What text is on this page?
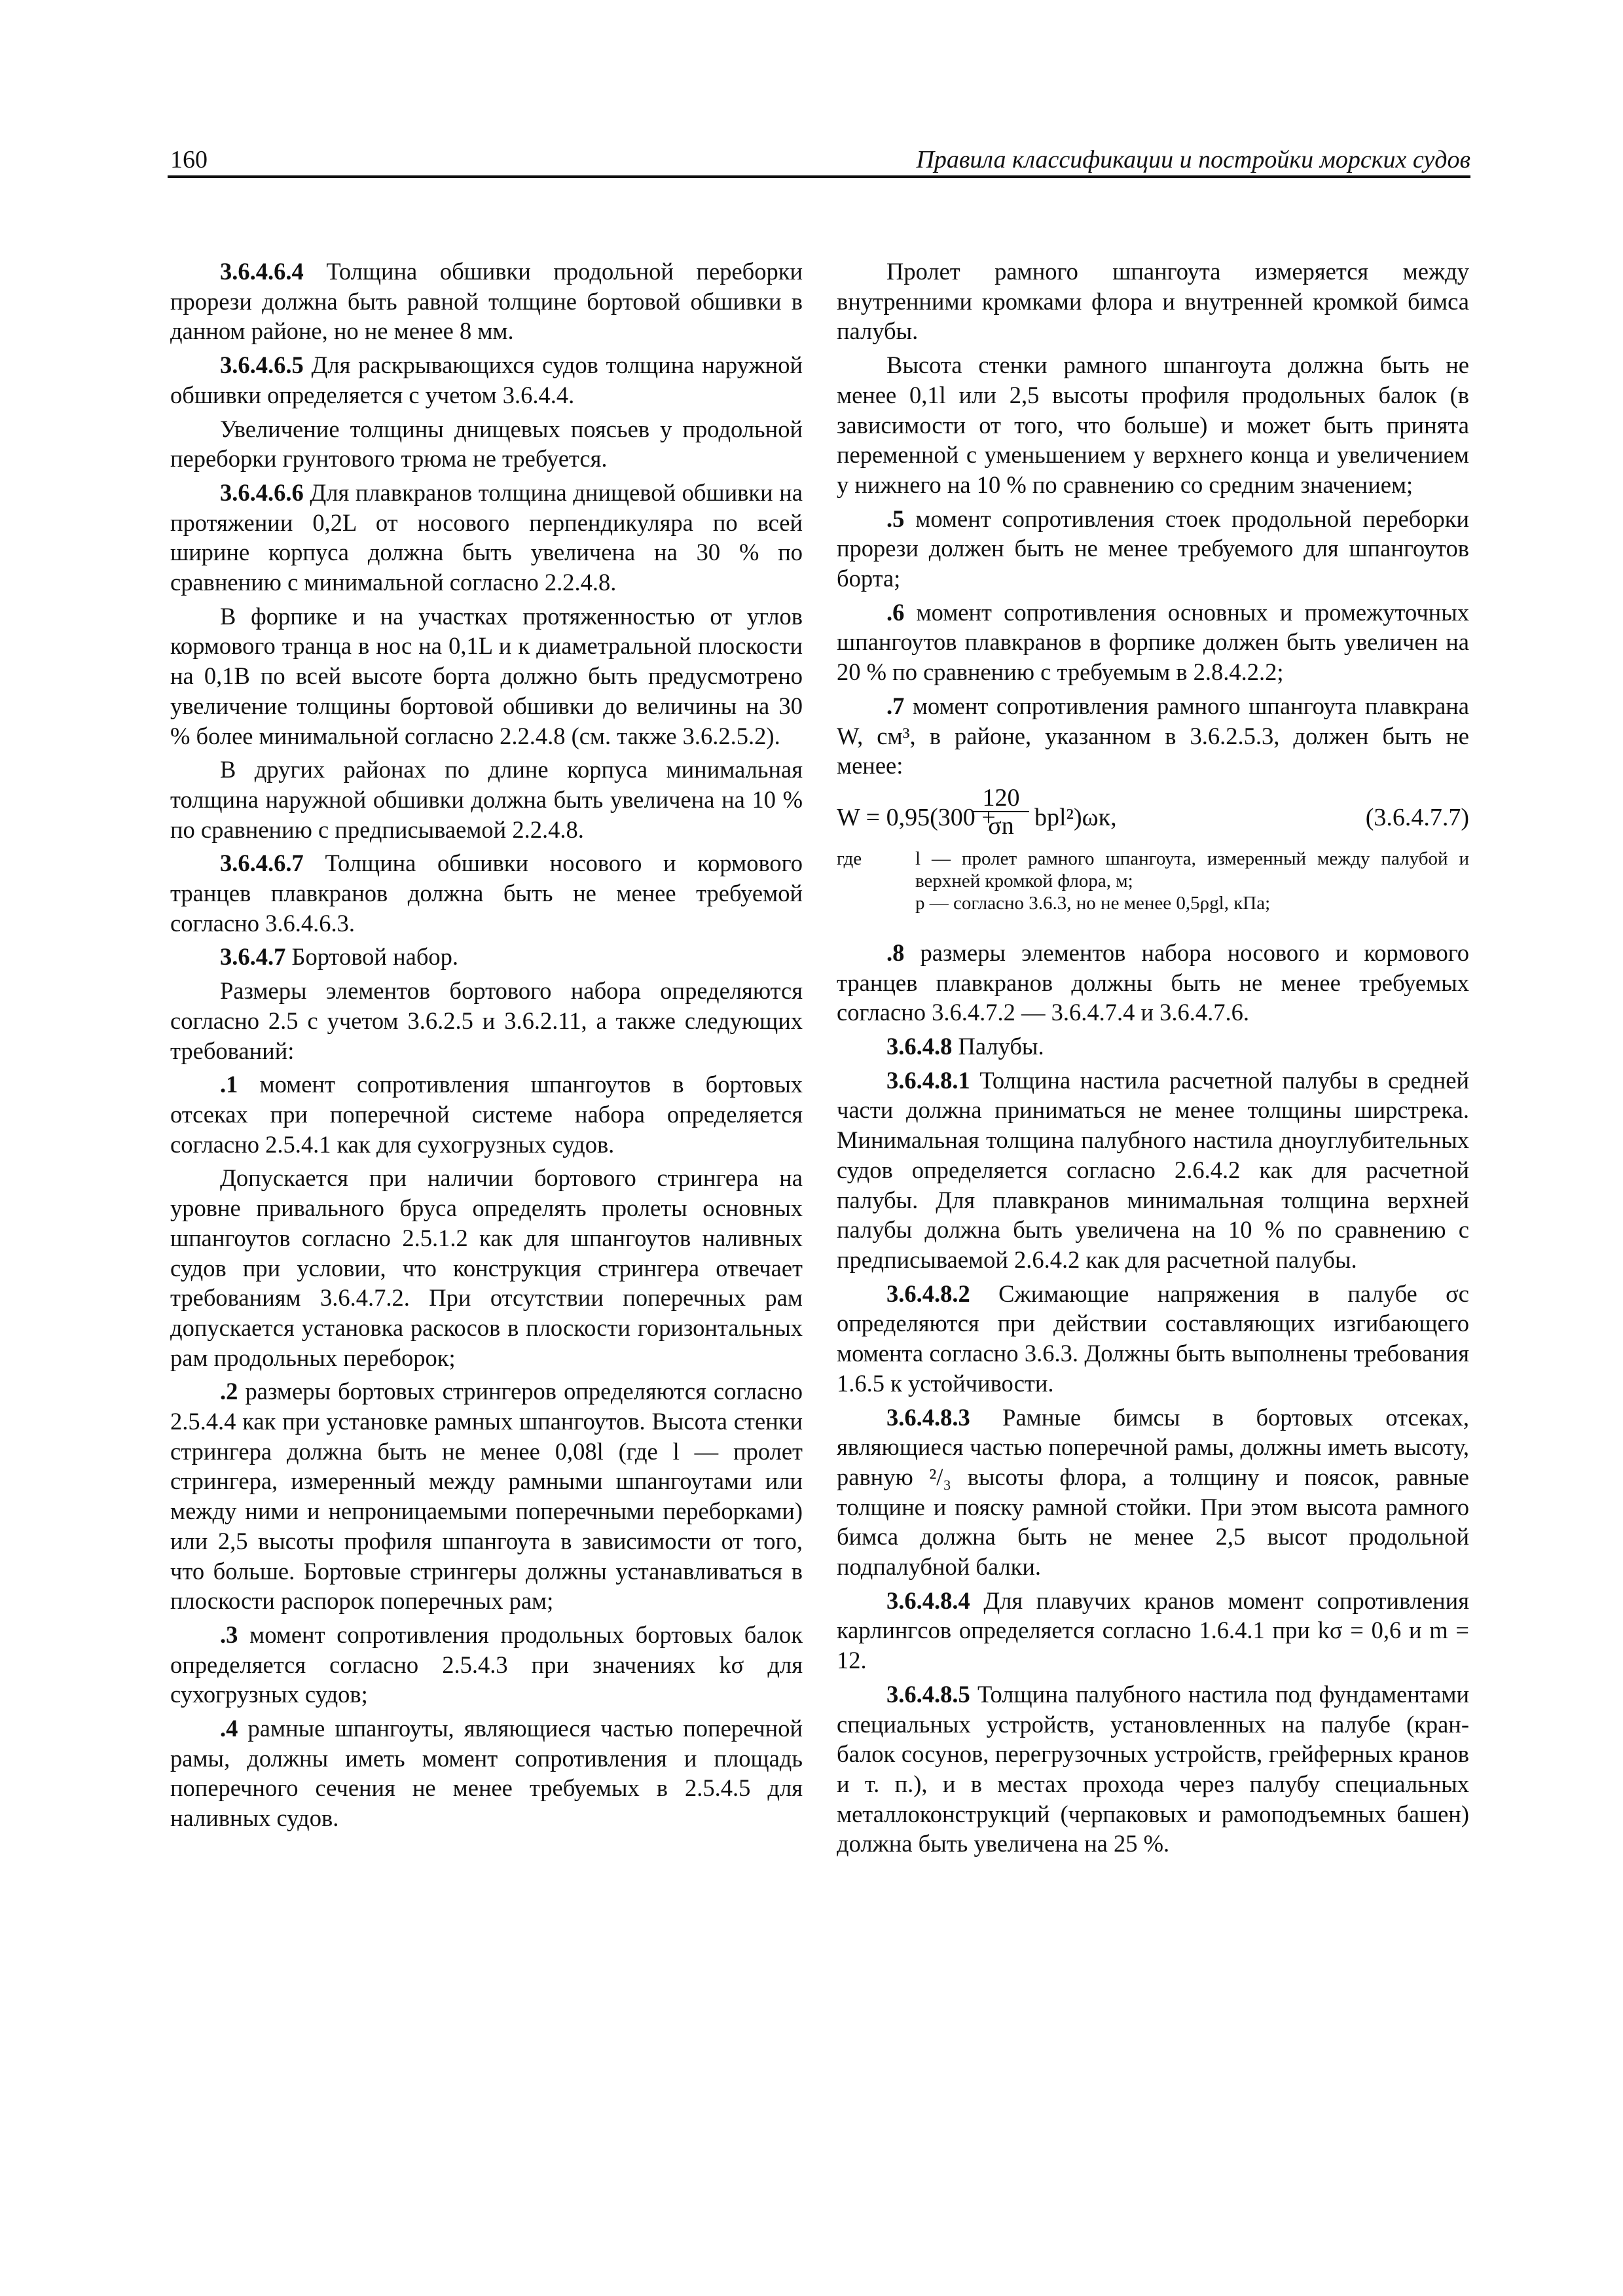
160	Правила классификации и постройки морских судов

3.6.4.6.4 Толщина обшивки продольной переборки прорези должна быть равной толщине бортовой обшивки в данном районе, но не менее 8 мм.

3.6.4.6.5 Для раскрывающихся судов толщина наружной обшивки определяется с учетом 3.6.4.4.

Увеличение толщины днищевых поясьев у продольной переборки грунтового трюма не требуется.

3.6.4.6.6 Для плавкранов толщина днищевой обшивки на протяжении 0,2L от носового перпендикуляра по всей ширине корпуса должна быть увеличена на 30 % по сравнению с минимальной согласно 2.2.4.8.

В форпике и на участках протяженностью от углов кормового транца в нос на 0,1L и к диаметральной плоскости на 0,1B по всей высоте борта должно быть предусмотрено увеличение толщины бортовой обшивки до величины на 30 % более минимальной согласно 2.2.4.8 (см. также 3.6.2.5.2).

В других районах по длине корпуса минимальная толщина наружной обшивки должна быть увеличена на 10 % по сравнению с предписываемой 2.2.4.8.

3.6.4.6.7 Толщина обшивки носового и кормового транцев плавкранов должна быть не менее требуемой согласно 3.6.4.6.3.

3.6.4.7 Бортовой набор.

Размеры элементов бортового набора определяются согласно 2.5 с учетом 3.6.2.5 и 3.6.2.11, а также следующих требований:

.1 момент сопротивления шпангоутов в бортовых отсеках при поперечной системе набора определяется согласно 2.5.4.1 как для сухогрузных судов.

Допускается при наличии бортового стрингера на уровне привального бруса определять пролеты основных шпангоутов согласно 2.5.1.2 как для шпангоутов наливных судов при условии, что конструкция стрингера отвечает требованиям 3.6.4.7.2. При отсутствии поперечных рам допускается установка раскосов в плоскости горизонтальных рам продольных переборок;

.2 размеры бортовых стрингеров определяются согласно 2.5.4.4 как при установке рамных шпангоутов. Высота стенки стрингера должна быть не менее 0,08l (где l — пролет стрингера, измеренный между рамными шпангоутами или между ними и непроницаемыми поперечными переборками) или 2,5 высоты профиля шпангоута в зависимости от того, что больше. Бортовые стрингеры должны устанавливаться в плоскости распорок поперечных рам;

.3 момент сопротивления продольных бортовых балок определяется согласно 2.5.4.3 при значениях kσ для сухогрузных судов;

.4 рамные шпангоуты, являющиеся частью поперечной рамы, должны иметь момент сопротивления и площадь поперечного сечения не менее требуемых в 2.5.4.5 для наливных судов.

Пролет рамного шпангоута измеряется между внутренними кромками флора и внутренней кромкой бимса палубы.

Высота стенки рамного шпангоута должна быть не менее 0,1l или 2,5 высоты профиля продольных балок (в зависимости от того, что больше) и может быть принята переменной с уменьшением у верхнего конца и увеличением у нижнего на 10 % по сравнению со средним значением;

.5 момент сопротивления стоек продольной переборки прорези должен быть не менее требуемого для шпангоутов борта;

.6 момент сопротивления основных и промежуточных шпангоутов плавкранов в форпике должен быть увеличен на 20 % по сравнению с требуемым в 2.8.4.2.2;

.7 момент сопротивления рамного шпангоута плавкрана W, см³, в районе, указанном в 3.6.2.5.3, должен быть не менее:

W = 0,95(300 +
$\frac{120}{\sigma n} bpl^2)\omega к$,	(3.6.4.7.7)
где	l — пролет рамного шпангоута, измеренный между палубой и верхней кромкой флора, м;
p — согласно 3.6.3, но не менее 0,5ρgl, кПа;

.8 размеры элементов набора носового и кормового транцев плавкранов должны быть не менее требуемых согласно 3.6.4.7.2 — 3.6.4.7.4 и 3.6.4.7.6.

3.6.4.8 Палубы.

3.6.4.8.1 Толщина настила расчетной палубы в средней части должна приниматься не менее толщины ширстрека. Минимальная толщина палубного настила дноуглубительных судов определяется согласно 2.6.4.2 как для расчетной палубы. Для плавкранов минимальная толщина верхней палубы должна быть увеличена на 10 % по сравнению с предписываемой 2.6.4.2 как для расчетной палубы.

3.6.4.8.2 Сжимающие напряжения в палубе σc определяются при действии составляющих изгибающего момента согласно 3.6.3. Должны быть выполнены требования 1.6.5 к устойчивости.

3.6.4.8.3 Рамные бимсы в бортовых отсеках, являющиеся частью поперечной рамы, должны иметь высоту, равную ²/₃ высоты флора, а толщину и поясок, равные толщине и пояску рамной стойки. При этом высота рамного бимса должна быть не менее 2,5 высот продольной подпалубной балки.

3.6.4.8.4 Для плавучих кранов момент сопротивления карлингсов определяется согласно 1.6.4.1 при kσ = 0,6 и m = 12.

3.6.4.8.5 Толщина палубного настила под фундаментами специальных устройств, установленных на палубе (кран-балок сосунов, перегрузочных устройств, грейферных кранов и т. п.), и в местах прохода через палубу специальных металлоконструкций (черпаковых и рамоподъемных башен) должна быть увеличена на 25 %.
